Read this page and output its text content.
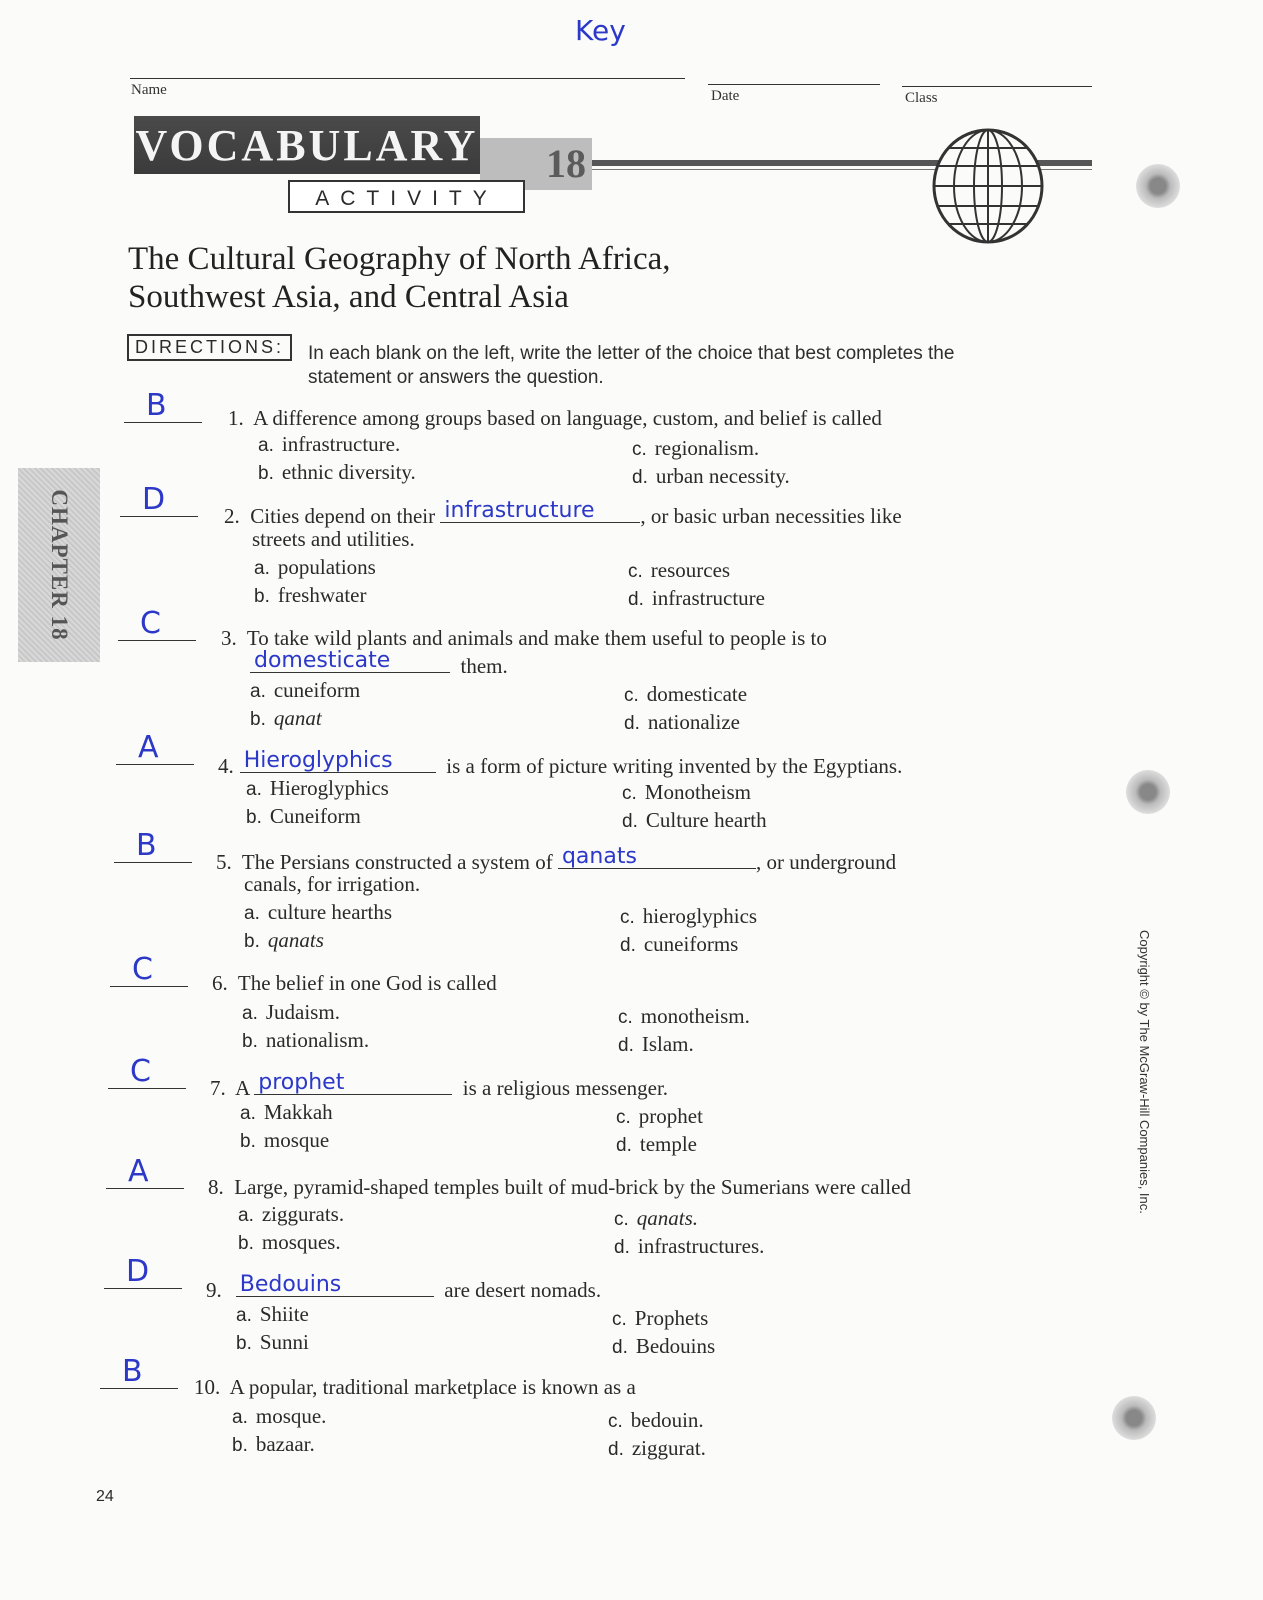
Key
Name	Date	Class
VOCABULARY	18
ACTIVITY
The Cultural Geography of North Africa,
Southwest Asia, and Central Asia
DIRECTIONS:	In each blank on the left, write the letter of the choice that best completes the statement or answers the question.
CHAPTER 18
B	1. A difference among groups based on language, custom, and belief is called
a. infrastructure.
b. ethnic diversity.
c. regionalism.
d. urban necessity.
D	2. Cities depend on their infrastructure , or basic urban necessities like
streets and utilities.
a. populations
b. freshwater
c. resources
d. infrastructure
C	3. To take wild plants and animals and make them useful to people is to
domesticate	them.
a. cuneiform
b. qanat
c. domesticate
d. nationalize
A
4. Hieroglyphics	is a form of picture writing invented by the Egyptians.
a. Hieroglyphics
b. Cuneiform
c. Monotheism
d. Culture hearth
B	5. The Persians constructed a system of qanats	, or underground
canals, for irrigation.
a. culture hearths
b. qanats
c. hieroglyphics
d. cuneiforms
C	6. The belief in one God is called
a. Judaism.
b. nationalism.
c. monotheism.
d. Islam.
C	7. A prophet	is a religious messenger.
a. Makkah
b. mosque
c. prophet
d. temple
A	8. Large, pyramid-shaped temples built of mud-brick by the Sumerians were called
a. ziggurats.
b. mosques.
c. qanats.
d. infrastructures.
D
9. Bedouins	are desert nomads.
a. Shiite
b. Sunni
c. Prophets
d. Bedouins
B 10. A popular, traditional marketplace is known as a
a. mosque.
b. bazaar.
c. bedouin.
d. ziggurat.
Copyright © by The McGraw-Hill Companies, Inc.
24
